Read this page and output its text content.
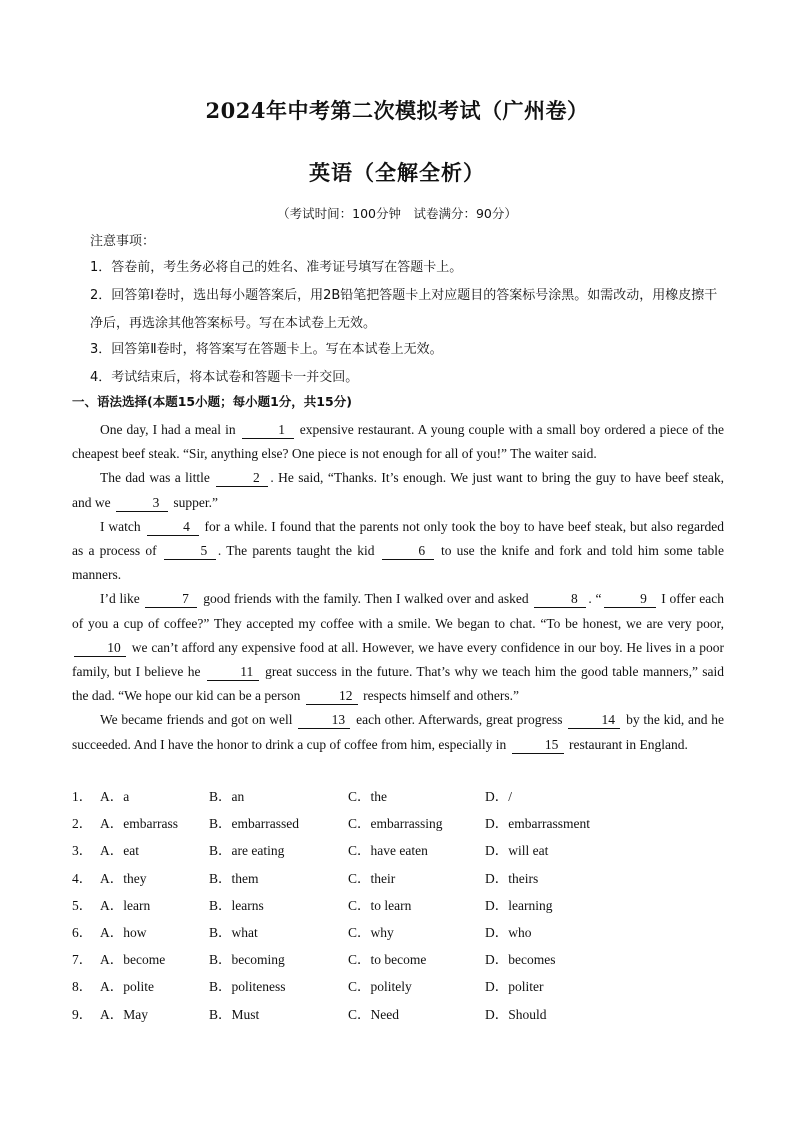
2024年中考第二次模拟考试（广州卷）
英语（全解全析）
（考试时间：100分钟　试卷满分：90分）
注意事项：
1．答卷前，考生务必将自己的姓名、准考证号填写在答题卡上。
2．回答第Ⅰ卷时，选出每小题答案后，用2B铅笔把答题卡上对应题目的答案标号涂黑。如需改动，用橡皮擦干净后，再选涂其他答案标号。写在本试卷上无效。
3．回答第Ⅱ卷时，将答案写在答题卡上。写在本试卷上无效。
4．考试结束后，将本试卷和答题卡一并交回。
一、语法选择(本题15小题；每小题1分，共15分)

One day, I had a meal in	1 expensive restaurant. A young couple with a small boy ordered a piece of the cheapest beef steak. “Sir, anything else? One piece is not enough for all of you!” The waiter said.

The dad was a little	2 . He said, “Thanks. It’s enough. We just want to bring the guy to have beef steak, and we	3 supper.”

I watch	4 for a while. I found that the parents not only took the boy to have beef steak, but also regarded as a process of	5 . The parents taught the kid	6 to use the knife and fork and told him some table manners.

I’d like	7 good friends with the family. Then I walked over and asked	8 . “	9 I offer each of you a cup of coffee?” They accepted my coffee with a smile. We began to chat. “To be honest, we are very poor, 10 we can’t afford any expensive food at all. However, we have every confidence in our boy. He lives in a poor family, but I believe he	11 great success in the future. That’s why we teach him the good table manners,” said the dad. “We hope our kid can be a person	12 respects himself and others.”

We became friends and got on well	13 each other. Afterwards, great progress	14 by the kid, and he succeeded. And I have the honor to drink a cup of coffee from him, especially in	15 restaurant in England.

1． A．a	B．an	C．the	D．/
2． A．embarrass B．embarrassed	C．embarrassing	D．embarrassment
3． A．eat	B．are eating	C．have eaten	D．will eat
4． A．they	B．them	C．their	D．theirs
5． A．learn	B．learns	C．to learn	D．learning
6． A．how	B．what	C．why	D．who
7． A．become	B．becoming	C．to become	D．becomes
8． A．polite	B．politeness	C．politely	D．politer
9． A．May	B．Must	C．Need	D．Should
